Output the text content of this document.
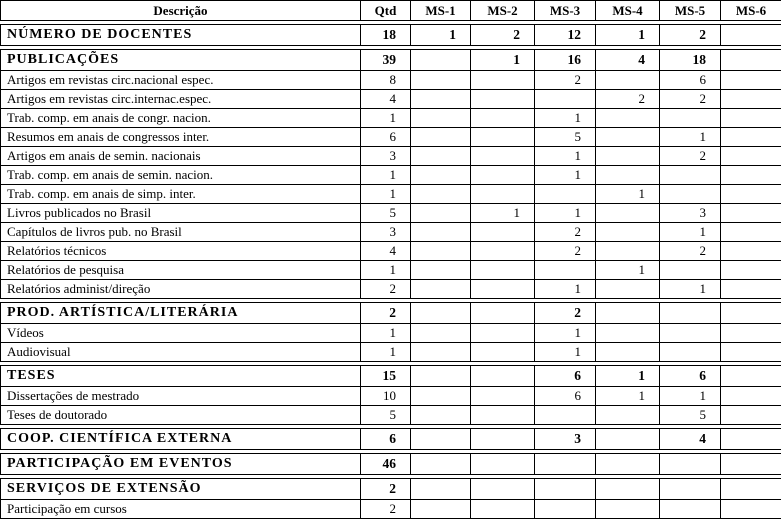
Descrição	Qtd	MS-1	MS-2	MS-3	MS-4	MS-5	MS-6
NÚMERO DE DOCENTES	18	1	2	12	1	2	
PUBLICAÇÕES	39		1	16	4	18	
Artigos em revistas circ.nacional espec.	8			2		6	
Artigos em revistas circ.internac.espec.	4				2	2	
Trab. comp. em anais de congr. nacion.	1			1			
Resumos em anais de congressos inter.	6			5		1	
Artigos em anais de semin. nacionais	3			1		2	
Trab. comp. em anais de semin. nacion.	1			1			
Trab. comp. em anais de simp. inter.	1				1		
Livros publicados no Brasil	5		1	1		3	
Capítulos de livros pub. no Brasil	3			2		1	
Relatórios técnicos	4			2		2	
Relatórios de pesquisa	1				1		
Relatórios administ/direção	2			1		1	
PROD. ARTÍSTICA/LITERÁRIA	2			2			
Vídeos	1			1			
Audiovisual	1			1			
TESES	15			6	1	6	
Dissertações de mestrado	10			6	1	1	
Teses de doutorado	5					5	
COOP. CIENTÍFICA EXTERNA	6			3		4	
PARTICIPAÇÃO EM EVENTOS	46						
SERVIÇOS DE EXTENSÃO	2						
Participação em cursos	2						
